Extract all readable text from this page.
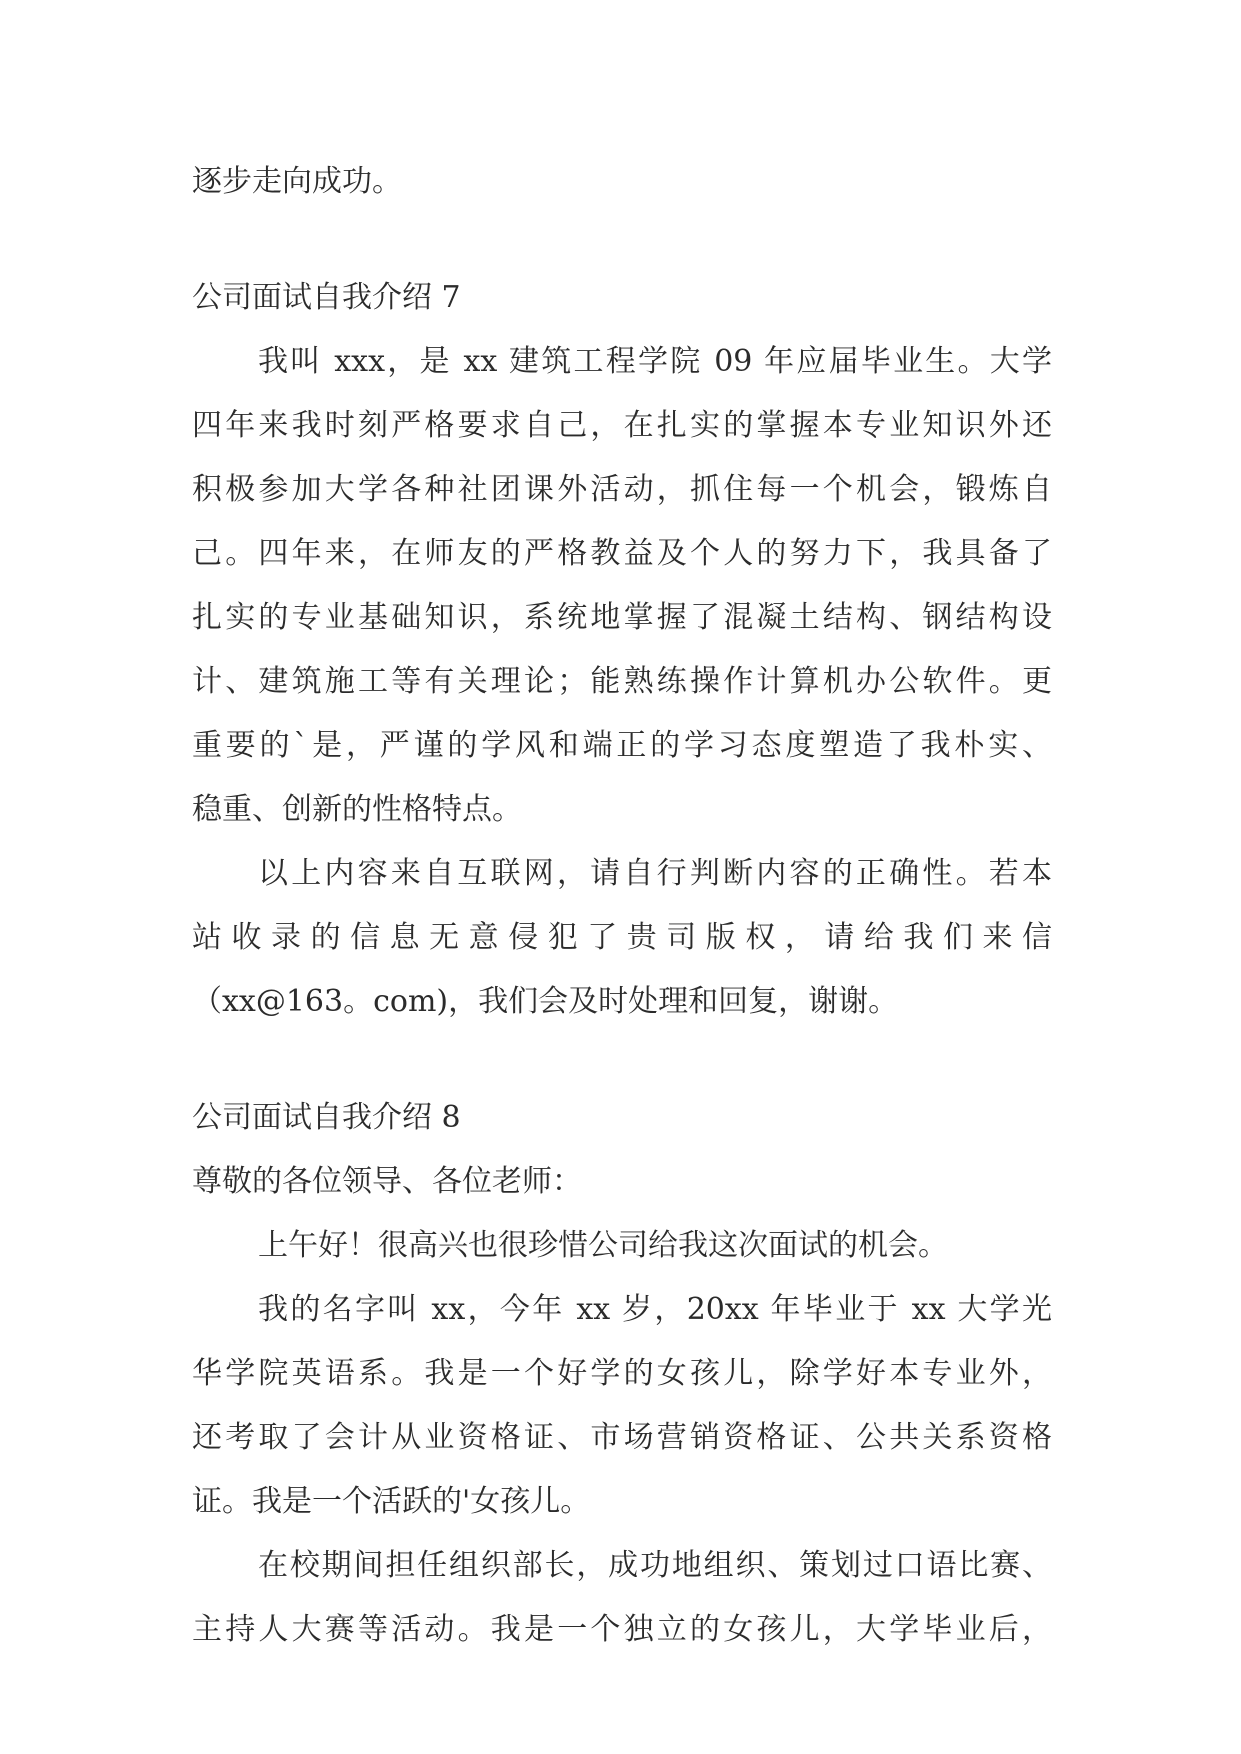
逐步走向成功。

公司面试自我介绍 7

我叫 xxx，是 xx 建筑工程学院 09 年应届毕业生。大学

四年来我时刻严格要求自己，在扎实的掌握本专业知识外还

积极参加大学各种社团课外活动，抓住每一个机会，锻炼自

己。四年来，在师友的严格教益及个人的努力下，我具备了

扎实的专业基础知识，系统地掌握了混凝土结构、钢结构设

计、建筑施工等有关理论；能熟练操作计算机办公软件。更

重要的`是，严谨的学风和端正的学习态度塑造了我朴实、

稳重、创新的性格特点。

以上内容来自互联网，请自行判断内容的正确性。若本

站收录的信息无意侵犯了贵司版权，请给我们来信

（xx@163。com)，我们会及时处理和回复，谢谢。

公司面试自我介绍 8

尊敬的各位领导、各位老师：

上午好！很高兴也很珍惜公司给我这次面试的机会。

我的名字叫 xx，今年 xx 岁，20xx 年毕业于 xx 大学光

华学院英语系。我是一个好学的女孩儿，除学好本专业外，

还考取了会计从业资格证、市场营销资格证、公共关系资格

证。我是一个活跃的'女孩儿。

在校期间担任组织部长，成功地组织、策划过口语比赛、

主持人大赛等活动。我是一个独立的女孩儿，大学毕业后，
